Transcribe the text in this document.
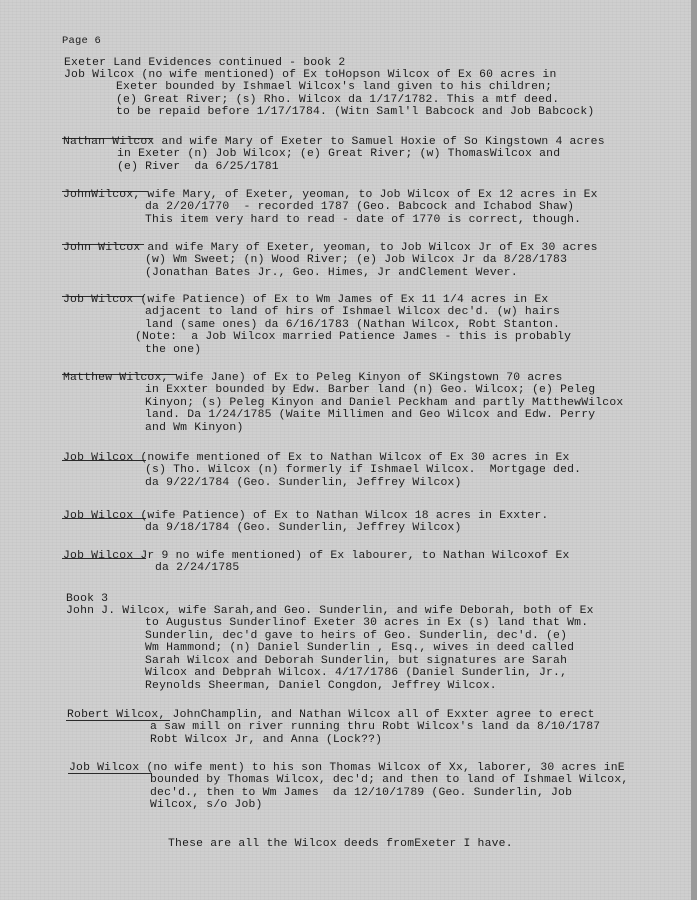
Page 6
Exeter Land Evidences continued - book 2
Job Wilcox (no wife mentioned) of Ex toHopson Wilcox of Ex 60 acres in
Exeter bounded by Ishmael Wilcox's land given to his children;
(e) Great River; (s) Rho. Wilcox da 1/17/1782. This a mtf deed.
to be repaid before 1/17/1784. (Witn Saml'l Babcock and Job Babcock)
Nathan Wilcox and wife Mary of Exeter to Samuel Hoxie of So Kingstown 4 acres
in Exeter (n) Job Wilcox; (e) Great River; (w) ThomasWilcox and
(e) River  da 6/25/1781
JohnWilcox, wife Mary, of Exeter, yeoman, to Job Wilcox of Ex 12 acres in Ex
da 2/20/1770  - recorded 1787 (Geo. Babcock and Ichabod Shaw)
This item very hard to read - date of 1770 is correct, though.
John Wilcox and wife Mary of Exeter, yeoman, to Job Wilcox Jr of Ex 30 acres
(w) Wm Sweet; (n) Wood River; (e) Job Wilcox Jr da 8/28/1783
(Jonathan Bates Jr., Geo. Himes, Jr andClement Wever.
Job Wilcox (wife Patience) of Ex to Wm James of Ex 11 1/4 acres in Ex
adjacent to land of hirs of Ishmael Wilcox dec'd. (w) hairs
land (same ones) da 6/16/1783 (Nathan Wilcox, Robt Stanton.
(Note:  a Job Wilcox married Patience James - this is probably
the one)
Matthew Wilcox, wife Jane) of Ex to Peleg Kinyon of SKingstown 70 acres
in Exxter bounded by Edw. Barber land (n) Geo. Wilcox; (e) Peleg
Kinyon; (s) Peleg Kinyon and Daniel Peckham and partly MatthewWilcox
land. Da 1/24/1785 (Waite Millimen and Geo Wilcox and Edw. Perry
and Wm Kinyon)
Job Wilcox (nowife mentioned of Ex to Nathan Wilcox of Ex 30 acres in Ex
(s) Tho. Wilcox (n) formerly if Ishmael Wilcox.  Mortgage ded.
da 9/22/1784 (Geo. Sunderlin, Jeffrey Wilcox)
Job Wilcox (wife Patience) of Ex to Nathan Wilcox 18 acres in Exxter.
da 9/18/1784 (Geo. Sunderlin, Jeffrey Wilcox)
Job Wilcox Jr 9 no wife mentioned) of Ex labourer, to Nathan Wilcoxof Ex
da 2/24/1785
Book 3
John J. Wilcox, wife Sarah,and Geo. Sunderlin, and wife Deborah, both of Ex
to Augustus Sunderlinof Exeter 30 acres in Ex (s) land that Wm.
Sunderlin, dec'd gave to heirs of Geo. Sunderlin, dec'd. (e)
Wm Hammond; (n) Daniel Sunderlin , Esq., wives in deed called
Sarah Wilcox and Deborah Sunderlin, but signatures are Sarah
Wilcox and Debprah Wilcox. 4/17/1786 (Daniel Sunderlin, Jr.,
Reynolds Sheerman, Daniel Congdon, Jeffrey Wilcox.
Robert Wilcox, JohnChamplin, and Nathan Wilcox all of Exxter agree to erect
a saw mill on river running thru Robt Wilcox's land da 8/10/1787
Robt Wilcox Jr, and Anna (Lock??)
Job Wilcox (no wife ment) to his son Thomas Wilcox of Xx, laborer, 30 acres inE
bounded by Thomas Wilcox, dec'd; and then to land of Ishmael Wilcox,
dec'd., then to Wm James  da 12/10/1789 (Geo. Sunderlin, Job
Wilcox, s/o Job)
These are all the Wilcox deeds fromExeter I have.
